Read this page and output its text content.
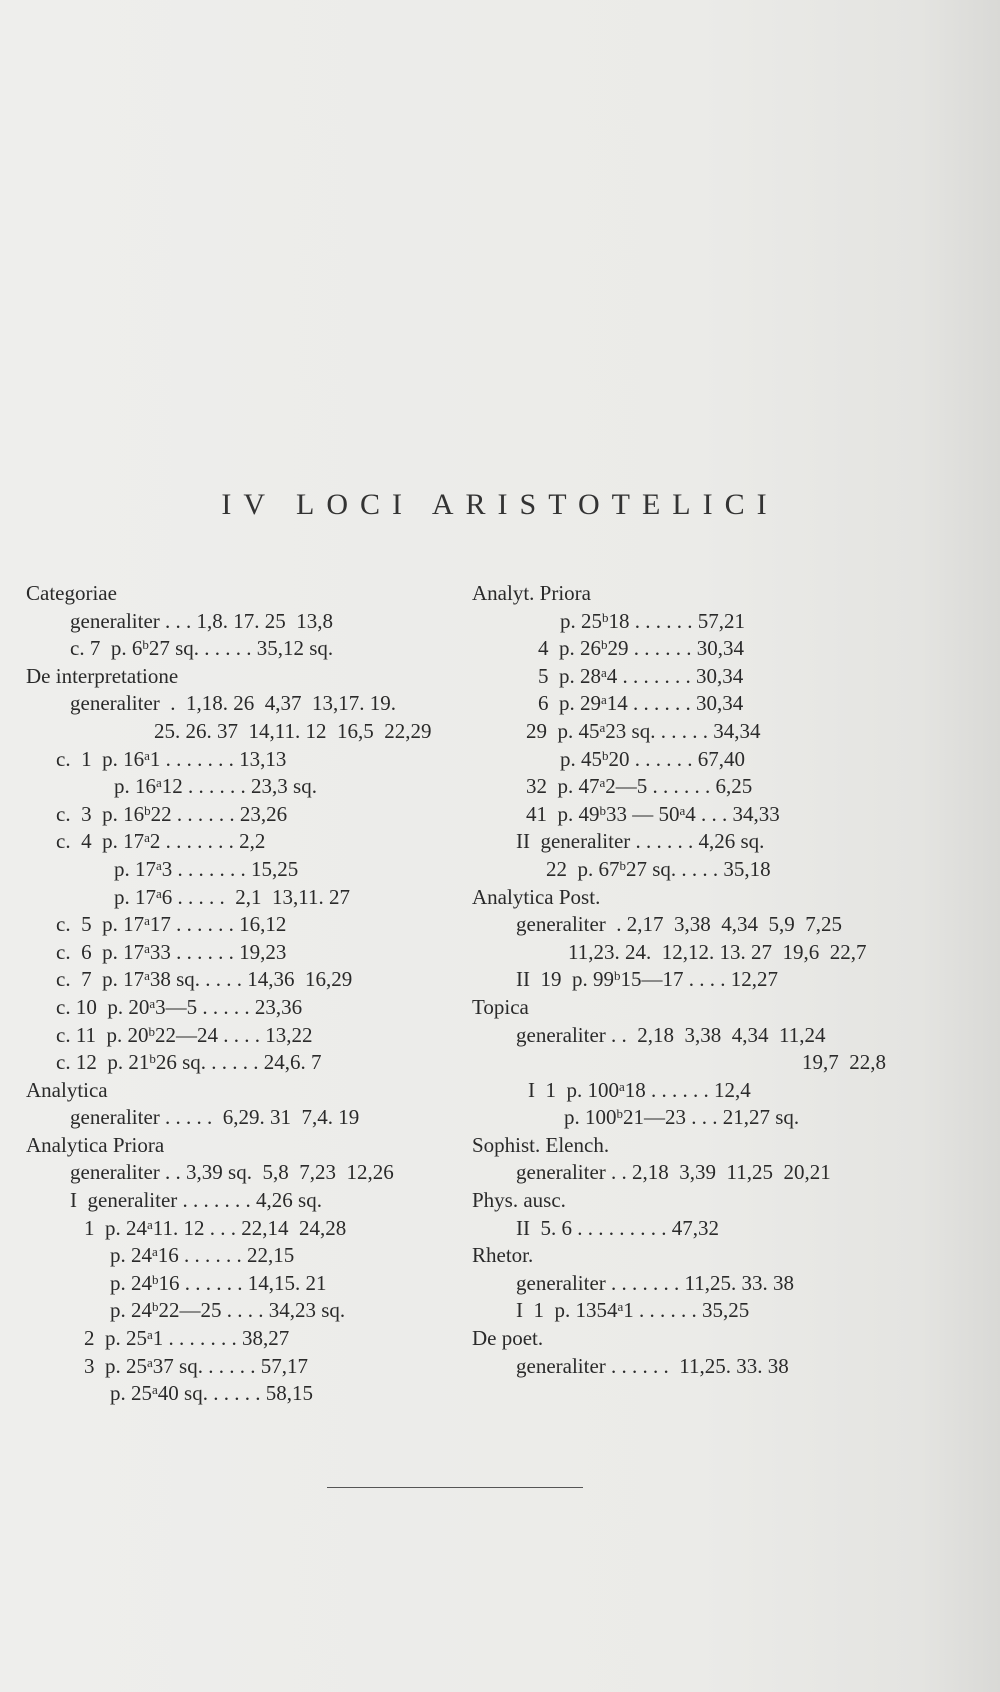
IV LOCI ARISTOTELICI
Categoriae
generaliter . . . 1,8. 17. 25  13,8
c. 7  p. 6$^b$27 sq. . . . . . 35,12 sq.
De interpretatione
generaliter  .  1,18. 26  4,37  13,17. 19.
25. 26. 37  14,11. 12  16,5  22,29
c.  1  p. 16$^a$1 . . . . . . . 13,13
p. 16$^a$12 . . . . . . 23,3 sq.
c.  3  p. 16$^b$22 . . . . . . 23,26
c.  4  p. 17$^a$2 . . . . . . . 2,2
p. 17$^a$3 . . . . . . . 15,25
p. 17$^a$6 . . . . .  2,1  13,11. 27
c.  5  p. 17$^a$17 . . . . . . 16,12
c.  6  p. 17$^a$33 . . . . . . 19,23
c.  7  p. 17$^a$38 sq. . . . . 14,36  16,29
c. 10  p. 20$^a$3—5 . . . . . 23,36
c. 11  p. 20$^b$22—24 . . . . 13,22
c. 12  p. 21$^b$26 sq. . . . . . 24,6. 7
Analytica
generaliter . . . . .  6,29. 31  7,4. 19
Analytica Priora
generaliter . . 3,39 sq.  5,8  7,23  12,26
I  generaliter . . . . . . . 4,26 sq.
1  p. 24$^a$11. 12 . . . 22,14  24,28
p. 24$^a$16 . . . . . . 22,15
p. 24$^b$16 . . . . . . 14,15. 21
p. 24$^b$22—25 . . . . 34,23 sq.
2  p. 25$^a$1 . . . . . . . 38,27
3  p. 25$^a$37 sq. . . . . . 57,17
p. 25$^a$40 sq. . . . . . 58,15
Analyt. Priora
p. 25$^b$18 . . . . . . 57,21
4  p. 26$^b$29 . . . . . . 30,34
5  p. 28$^a$4 . . . . . . . 30,34
6  p. 29$^a$14 . . . . . . 30,34
29  p. 45$^a$23 sq. . . . . . 34,34
p. 45$^b$20 . . . . . . 67,40
32  p. 47$^a$2—5 . . . . . . 6,25
41  p. 49$^b$33 — 50$^a$4 . . . 34,33
II  generaliter . . . . . . 4,26 sq.
22  p. 67$^b$27 sq. . . . . 35,18
Analytica Post.
generaliter  . 2,17  3,38  4,34  5,9  7,25
11,23. 24.  12,12. 13. 27  19,6  22,7
II  19  p. 99$^b$15—17 . . . . 12,27
Topica
generaliter . .  2,18  3,38  4,34  11,24
19,7  22,8
I  1  p. 100$^a$18 . . . . . . 12,4
p. 100$^b$21—23 . . . 21,27 sq.
Sophist. Elench.
generaliter . . 2,18  3,39  11,25  20,21
Phys. ausc.
II  5. 6 . . . . . . . . . 47,32
Rhetor.
generaliter . . . . . . . 11,25. 33. 38
I  1  p. 1354$^a$1 . . . . . . 35,25
De poet.
generaliter . . . . . .  11,25. 33. 38
